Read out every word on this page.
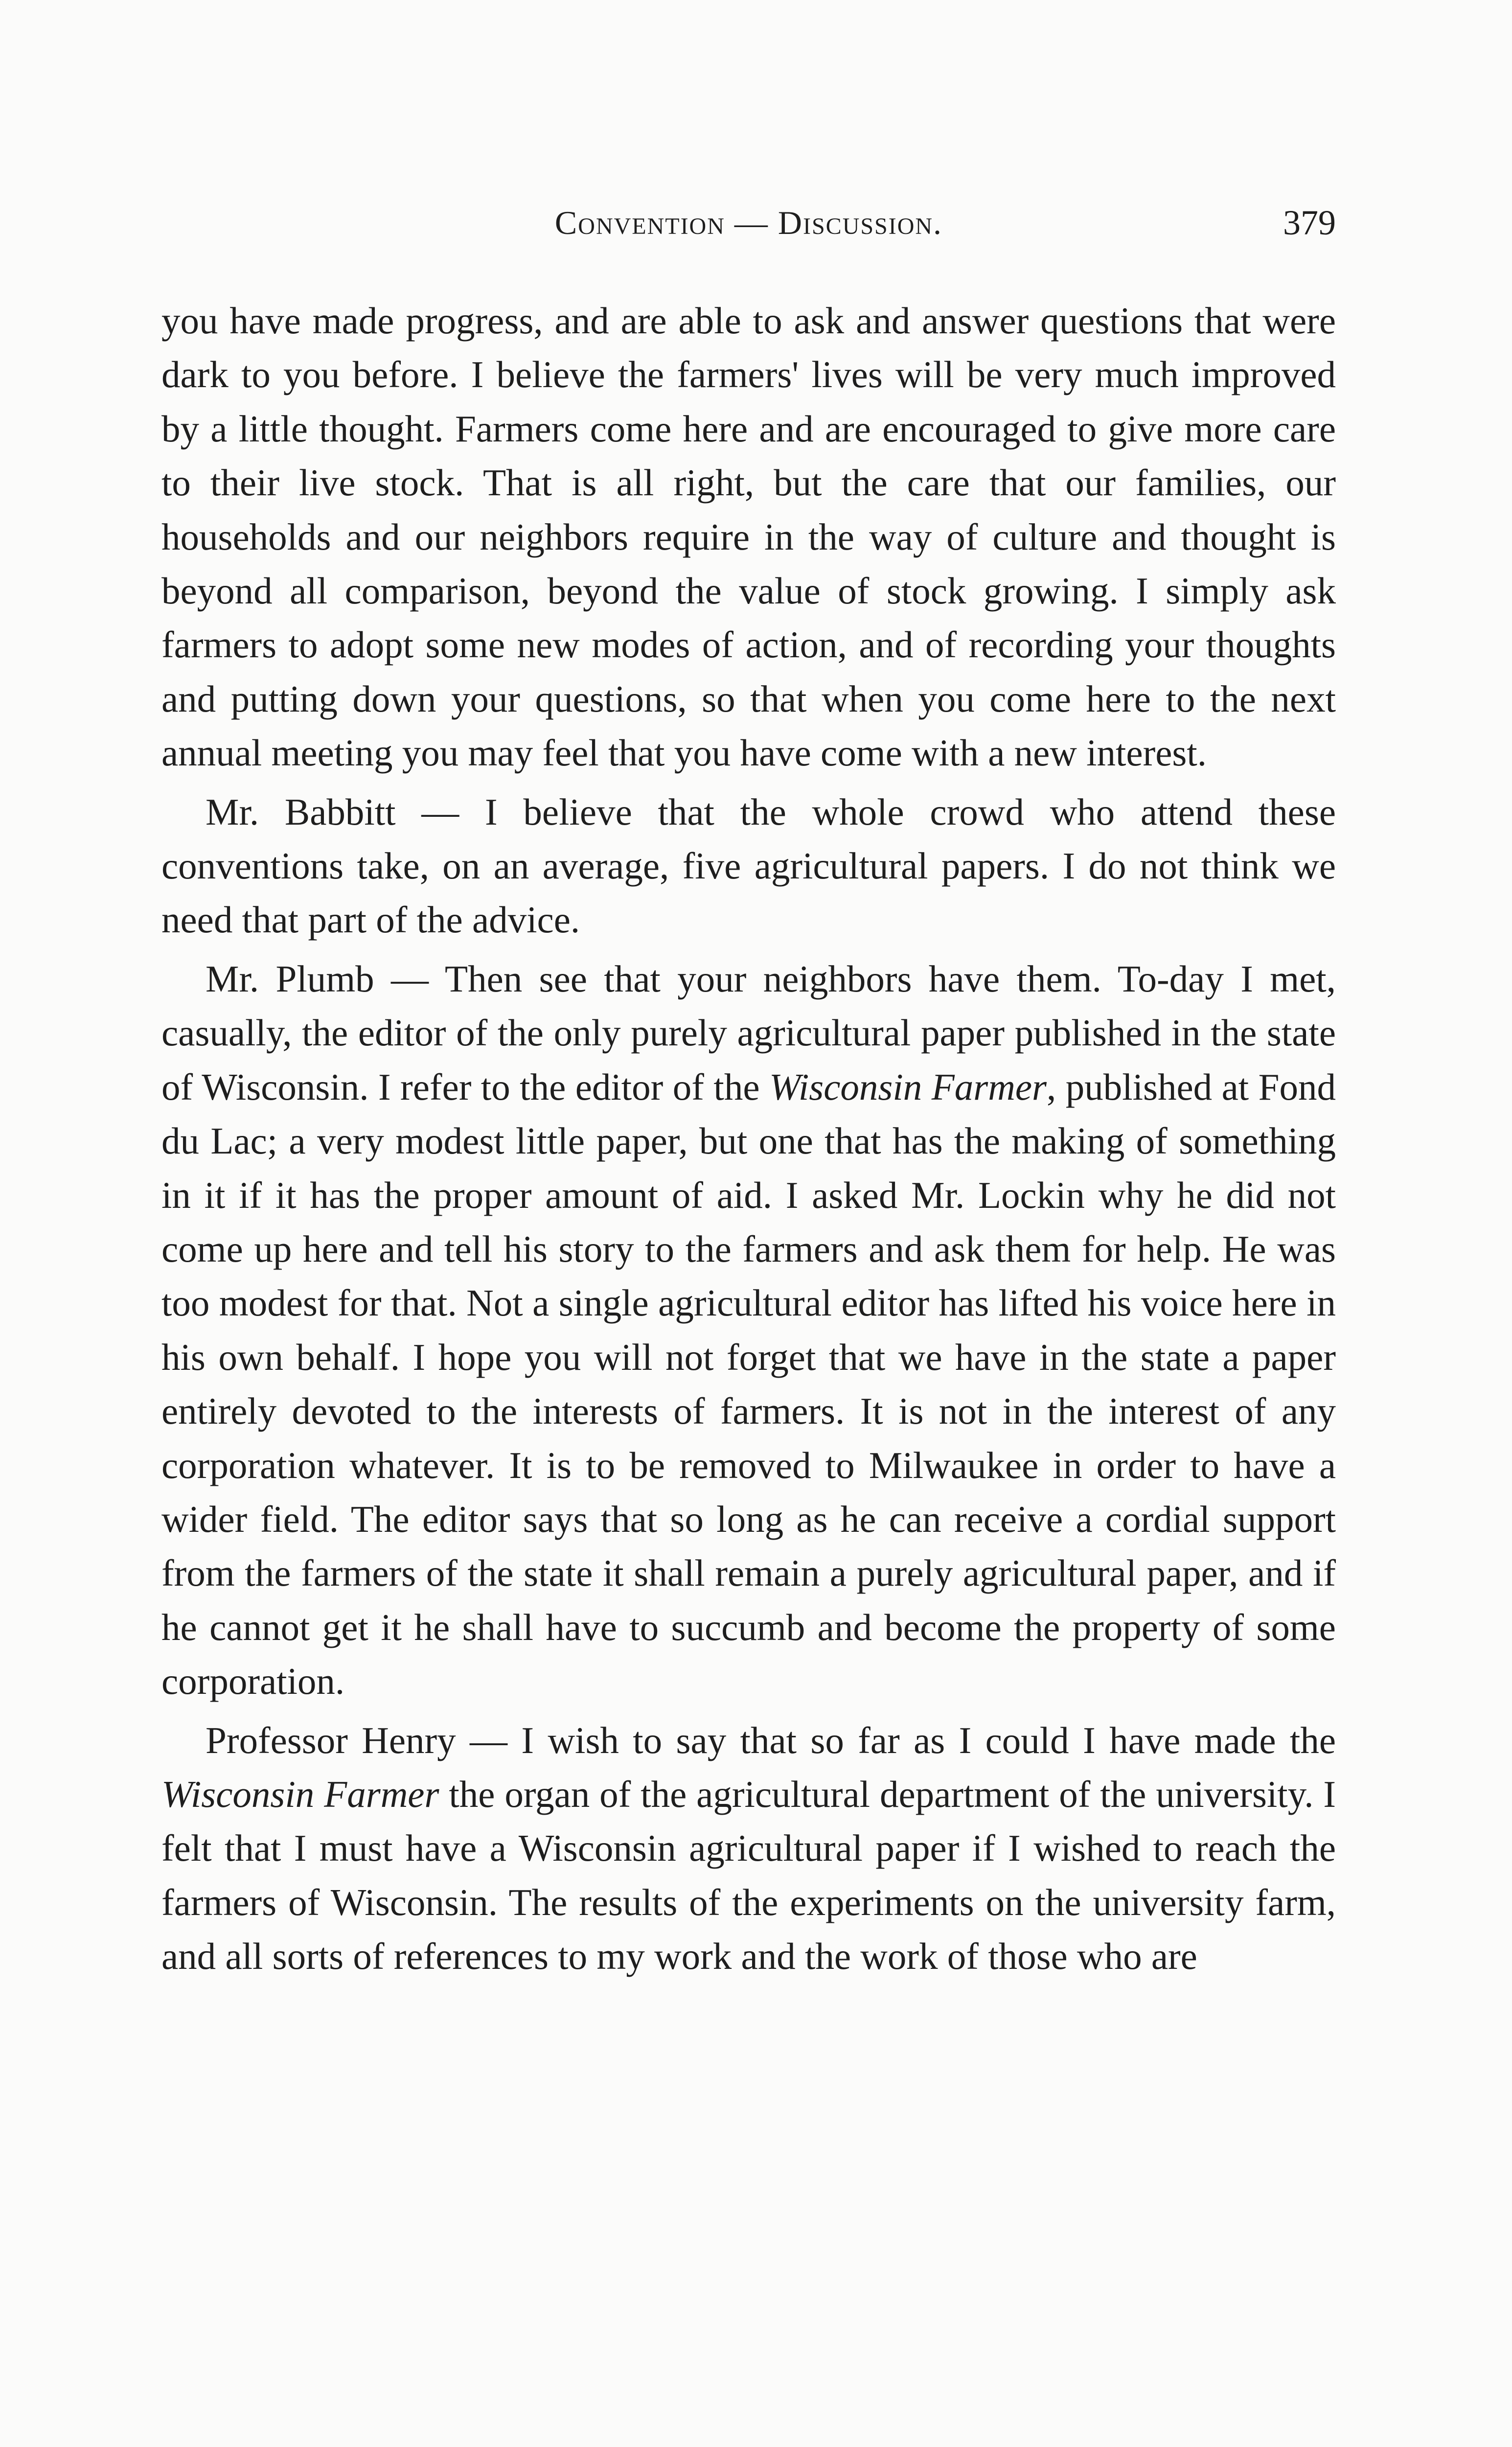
Convention — Discussion.	379

you have made progress, and are able to ask and answer questions that were dark to you before. I believe the farmers' lives will be very much improved by a little thought. Farmers come here and are encouraged to give more care to their live stock. That is all right, but the care that our families, our households and our neighbors require in the way of culture and thought is beyond all comparison, beyond the value of stock growing. I simply ask farmers to adopt some new modes of action, and of recording your thoughts and putting down your questions, so that when you come here to the next annual meeting you may feel that you have come with a new interest.

Mr. Babbitt — I believe that the whole crowd who attend these conventions take, on an average, five agricultural papers. I do not think we need that part of the advice.

Mr. Plumb — Then see that your neighbors have them. To-day I met, casually, the editor of the only purely agricultural paper published in the state of Wisconsin. I refer to the editor of the Wisconsin Farmer, published at Fond du Lac; a very modest little paper, but one that has the making of something in it if it has the proper amount of aid. I asked Mr. Lockin why he did not come up here and tell his story to the farmers and ask them for help. He was too modest for that. Not a single agricultural editor has lifted his voice here in his own behalf. I hope you will not forget that we have in the state a paper entirely devoted to the interests of farmers. It is not in the interest of any corporation whatever. It is to be removed to Milwaukee in order to have a wider field. The editor says that so long as he can receive a cordial support from the farmers of the state it shall remain a purely agricultural paper, and if he cannot get it he shall have to succumb and become the property of some corporation.

Professor Henry — I wish to say that so far as I could I have made the Wisconsin Farmer the organ of the agricultural department of the university. I felt that I must have a Wisconsin agricultural paper if I wished to reach the farmers of Wisconsin. The results of the experiments on the university farm, and all sorts of references to my work and the work of those who are
